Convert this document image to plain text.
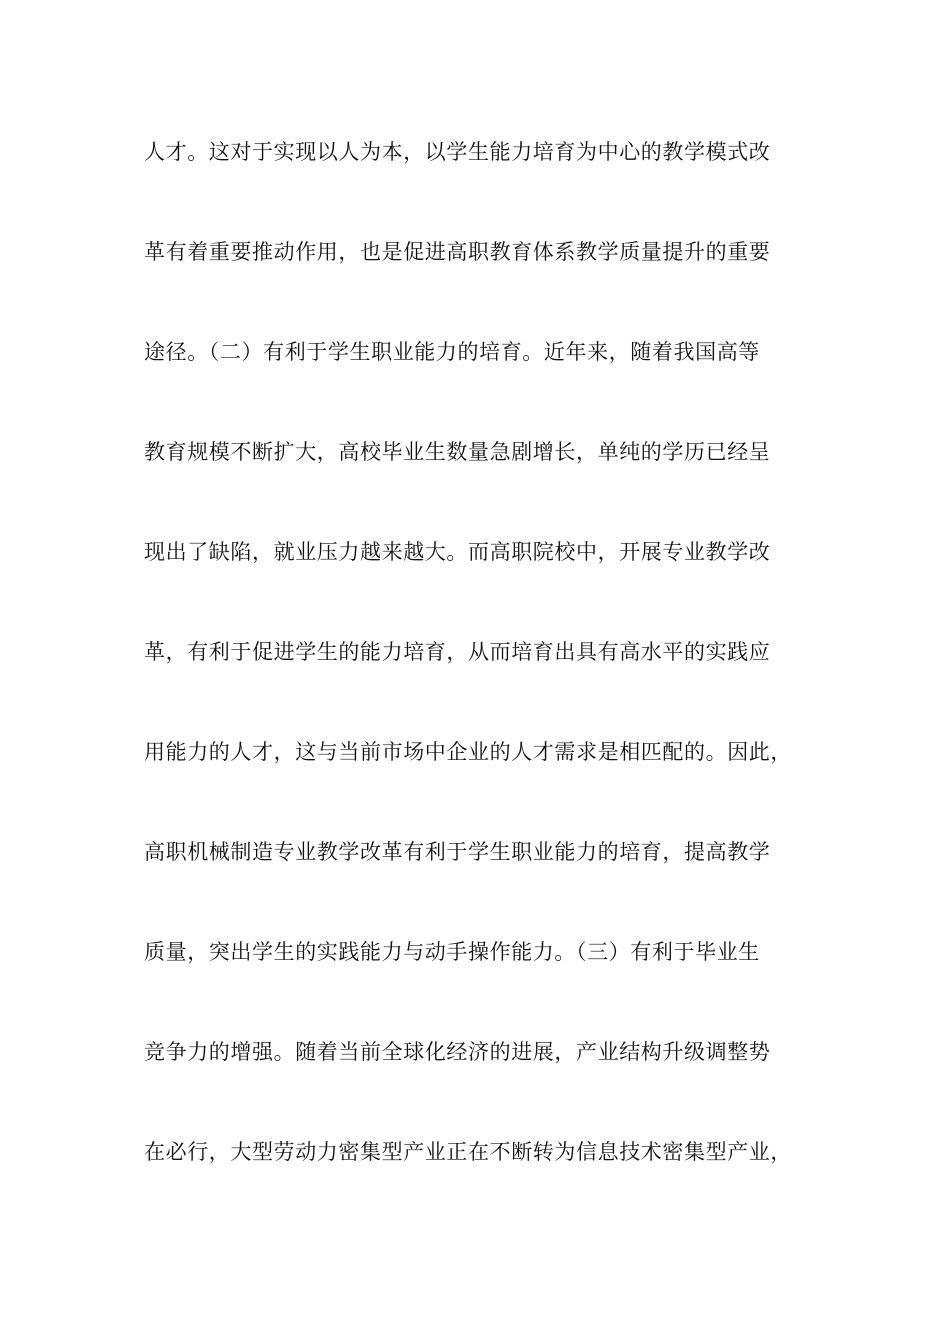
人才。这对于实现以人为本，以学生能力培育为中心的教学模式改
革有着重要推动作用，也是促进高职教育体系教学质量提升的重要
途径。（二）有利于学生职业能力的培育。近年来，随着我国高等
教育规模不断扩大，高校毕业生数量急剧增长，单纯的学历已经呈
现出了缺陷，就业压力越来越大。而高职院校中，开展专业教学改
革，有利于促进学生的能力培育，从而培育出具有高水平的实践应
用能力的人才，这与当前市场中企业的人才需求是相匹配的。因此，
高职机械制造专业教学改革有利于学生职业能力的培育，提高教学
质量，突出学生的实践能力与动手操作能力。（三）有利于毕业生
竞争力的增强。随着当前全球化经济的进展，产业结构升级调整势
在必行，大型劳动力密集型产业正在不断转为信息技术密集型产业，
